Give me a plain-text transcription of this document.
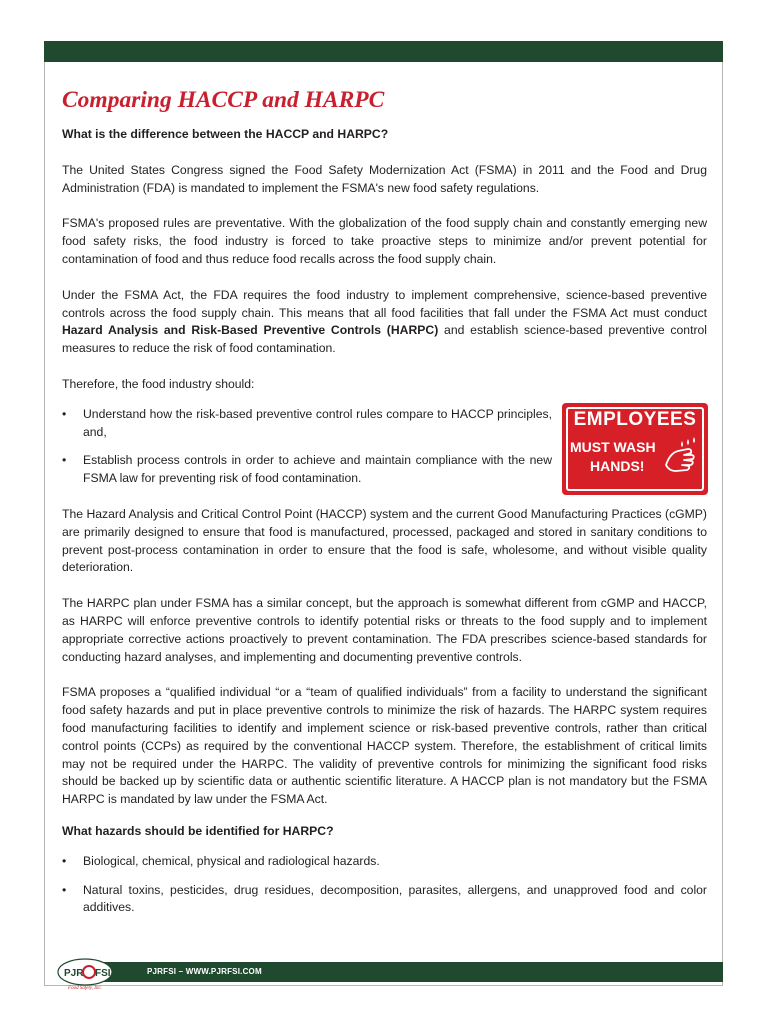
Comparing HACCP and HARPC

What is the difference between the HACCP and HARPC?

The United States Congress signed the Food Safety Modernization Act (FSMA) in 2011 and the Food and Drug Administration (FDA) is mandated to implement the FSMA's new food safety regulations.

FSMA's proposed rules are preventative. With the globalization of the food supply chain and constantly emerging new food safety risks, the food industry is forced to take proactive steps to minimize and/or prevent potential for contamination of food and thus reduce food recalls across the food supply chain.

Under the FSMA Act, the FDA requires the food industry to implement comprehensive, science-based preventive controls across the food supply chain. This means that all food facilities that fall under the FSMA Act must conduct Hazard Analysis and Risk-Based Preventive Controls (HARPC) and establish science-based preventive control measures to reduce the risk of food contamination.

Therefore, the food industry should:

• Understand how the risk-based preventive control rules compare to HACCP principles, and,
• Establish process controls in order to achieve and maintain compliance with the new FSMA law for preventing risk of food contamination.

The Hazard Analysis and Critical Control Point (HACCP) system and the current Good Manufacturing Practices (cGMP) are primarily designed to ensure that food is manufactured, processed, packaged and stored in sanitary conditions to prevent post-process contamination in order to ensure that the food is safe, wholesome, and without visible quality deterioration.

The HARPC plan under FSMA has a similar concept, but the approach is somewhat different from cGMP and HACCP, as HARPC will enforce preventive controls to identify potential risks or threats to the food supply and to implement appropriate corrective actions proactively to prevent contamination. The FDA prescribes science-based standards for conducting hazard analyses, and implementing and documenting preventive controls.

FSMA proposes a “qualified individual “or a “team of qualified individuals” from a facility to understand the significant food safety hazards and put in place preventive controls to minimize the risk of hazards. The HARPC system requires food manufacturing facilities to identify and implement science or risk-based preventive controls, rather than critical control points (CCPs) as required by the conventional HACCP system. Therefore, the establishment of critical limits may not be required under the HARPC. The validity of preventive controls for minimizing the significant food risks should be backed up by scientific data or authentic scientific literature. A HACCP plan is not mandatory but the FSMA HARPC is mandated by law under the FSMA Act.

What hazards should be identified for HARPC?

• Biological, chemical, physical and radiological hazards.
• Natural toxins, pesticides, drug residues, decomposition, parasites, allergens, and unapproved food and color additives.
EMPLOYEES
MUST WASH
HANDS!
PJR FSI
Food Safety, Inc.
PJRFSI – WWW.PJRFSI.COM
